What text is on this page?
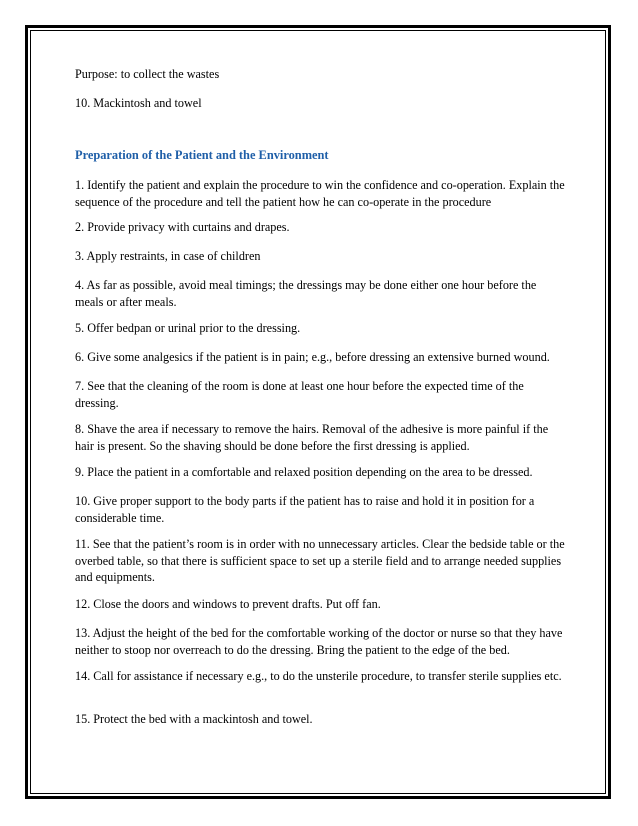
Purpose: to collect the wastes

10. Mackintosh and towel

Preparation of the Patient and the Environment

1. Identify the patient and explain the procedure to win the confidence and co-operation. Explain the sequence of the procedure and tell the patient how he can co-operate in the procedure

2. Provide privacy with curtains and drapes.

3. Apply restraints, in case of children

4. As far as possible, avoid meal timings; the dressings may be done either one hour before the meals or after meals.

5. Offer bedpan or urinal prior to the dressing.

6. Give some analgesics if the patient is in pain; e.g., before dressing an extensive burned wound.

7. See that the cleaning of the room is done at least one hour before the expected time of the dressing.

8. Shave the area if necessary to remove the hairs. Removal of the adhesive is more painful if the hair is present. So the shaving should be done before the first dressing is applied.

9. Place the patient in a comfortable and relaxed position depending on the area to be dressed.

10. Give proper support to the body parts if the patient has to raise and hold it in position for a considerable time.

11. See that the patient’s room is in order with no unnecessary articles. Clear the bedside table or the overbed table, so that there is sufficient space to set up a sterile field and to arrange needed supplies and equipments.

12. Close the doors and windows to prevent drafts. Put off fan.

13. Adjust the height of the bed for the comfortable working of the doctor or nurse so that they have neither to stoop nor overreach to do the dressing. Bring the patient to the edge of the bed.

14. Call for assistance if necessary e.g., to do the unsterile procedure, to transfer sterile supplies etc.

15. Protect the bed with a mackintosh and towel.
